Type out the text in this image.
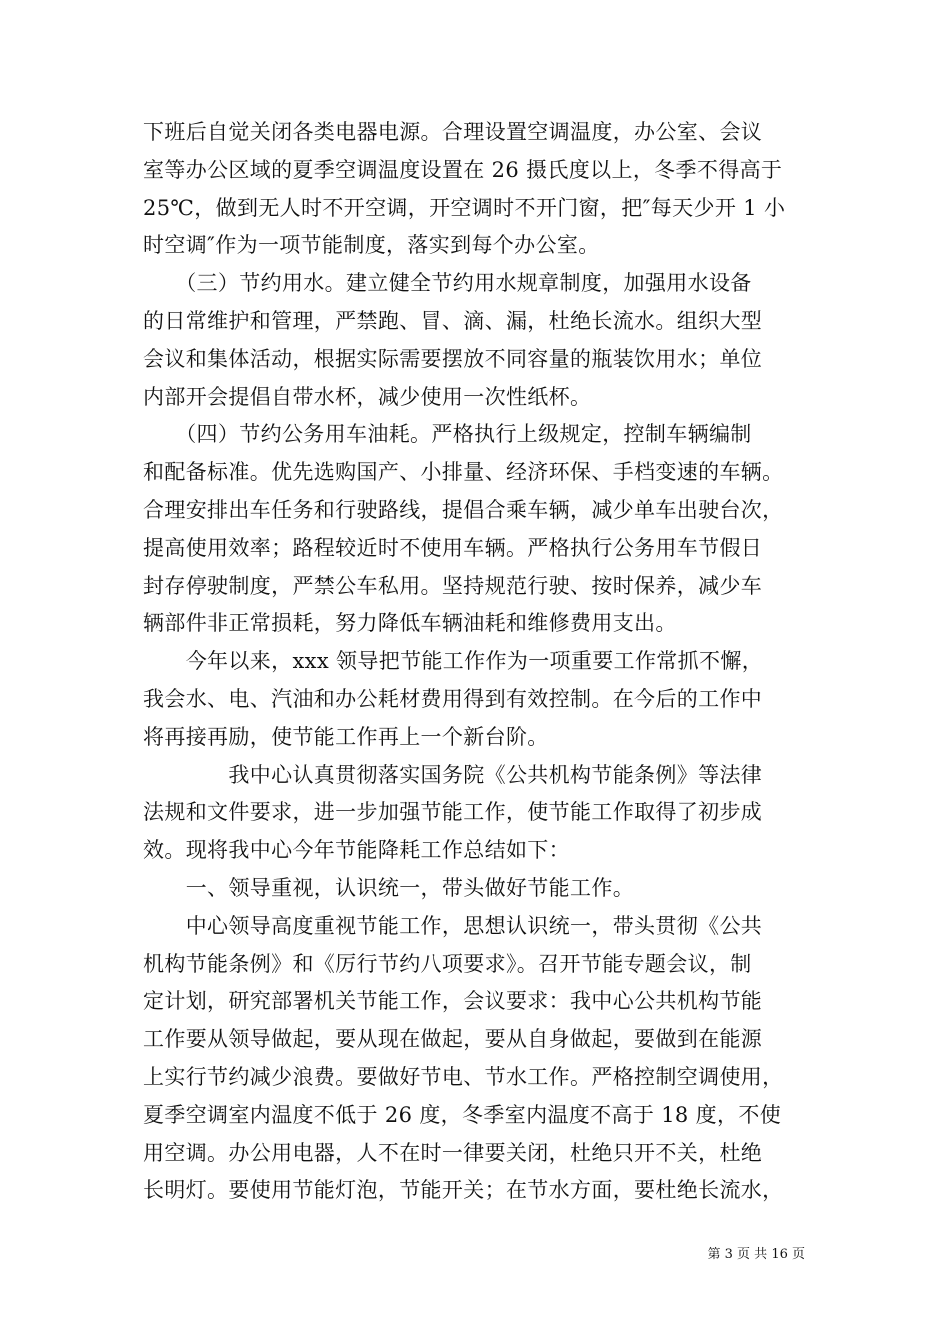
下班后自觉关闭各类电器电源。合理设置空调温度，办公室、会议
室等办公区域的夏季空调温度设置在 26 摄氏度以上，冬季不得高于
25℃，做到无人时不开空调，开空调时不开门窗，把″每天少开 1 小
时空调″作为一项节能制度，落实到每个办公室。
　　（三）节约用水。建立健全节约用水规章制度，加强用水设备
的日常维护和管理，严禁跑、冒、滴、漏，杜绝长流水。组织大型
会议和集体活动，根据实际需要摆放不同容量的瓶装饮用水；单位
内部开会提倡自带水杯，减少使用一次性纸杯。
　　（四）节约公务用车油耗。严格执行上级规定，控制车辆编制
和配备标准。优先选购国产、小排量、经济环保、手档变速的车辆。
合理安排出车任务和行驶路线，提倡合乘车辆，减少单车出驶台次，
提高使用效率；路程较近时不使用车辆。严格执行公务用车节假日
封存停驶制度，严禁公车私用。坚持规范行驶、按时保养，减少车
辆部件非正常损耗，努力降低车辆油耗和维修费用支出。
　　今年以来，xxx 领导把节能工作作为一项重要工作常抓不懈，
我会水、电、汽油和办公耗材费用得到有效控制。在今后的工作中
将再接再励，使节能工作再上一个新台阶。
　　　　我中心认真贯彻落实国务院《公共机构节能条例》等法律
法规和文件要求，进一步加强节能工作，使节能工作取得了初步成
效。现将我中心今年节能降耗工作总结如下：
　　一、领导重视，认识统一，带头做好节能工作。
　　中心领导高度重视节能工作，思想认识统一，带头贯彻《公共
机构节能条例》和《厉行节约八项要求》。召开节能专题会议，制
定计划，研究部署机关节能工作，会议要求：我中心公共机构节能
工作要从领导做起，要从现在做起，要从自身做起，要做到在能源
上实行节约减少浪费。要做好节电、节水工作。严格控制空调使用，
夏季空调室内温度不低于 26 度，冬季室内温度不高于 18 度，不使
用空调。办公用电器，人不在时一律要关闭，杜绝只开不关，杜绝
长明灯。要使用节能灯泡，节能开关；在节水方面，要杜绝长流水，
第 3 页 共 16 页
